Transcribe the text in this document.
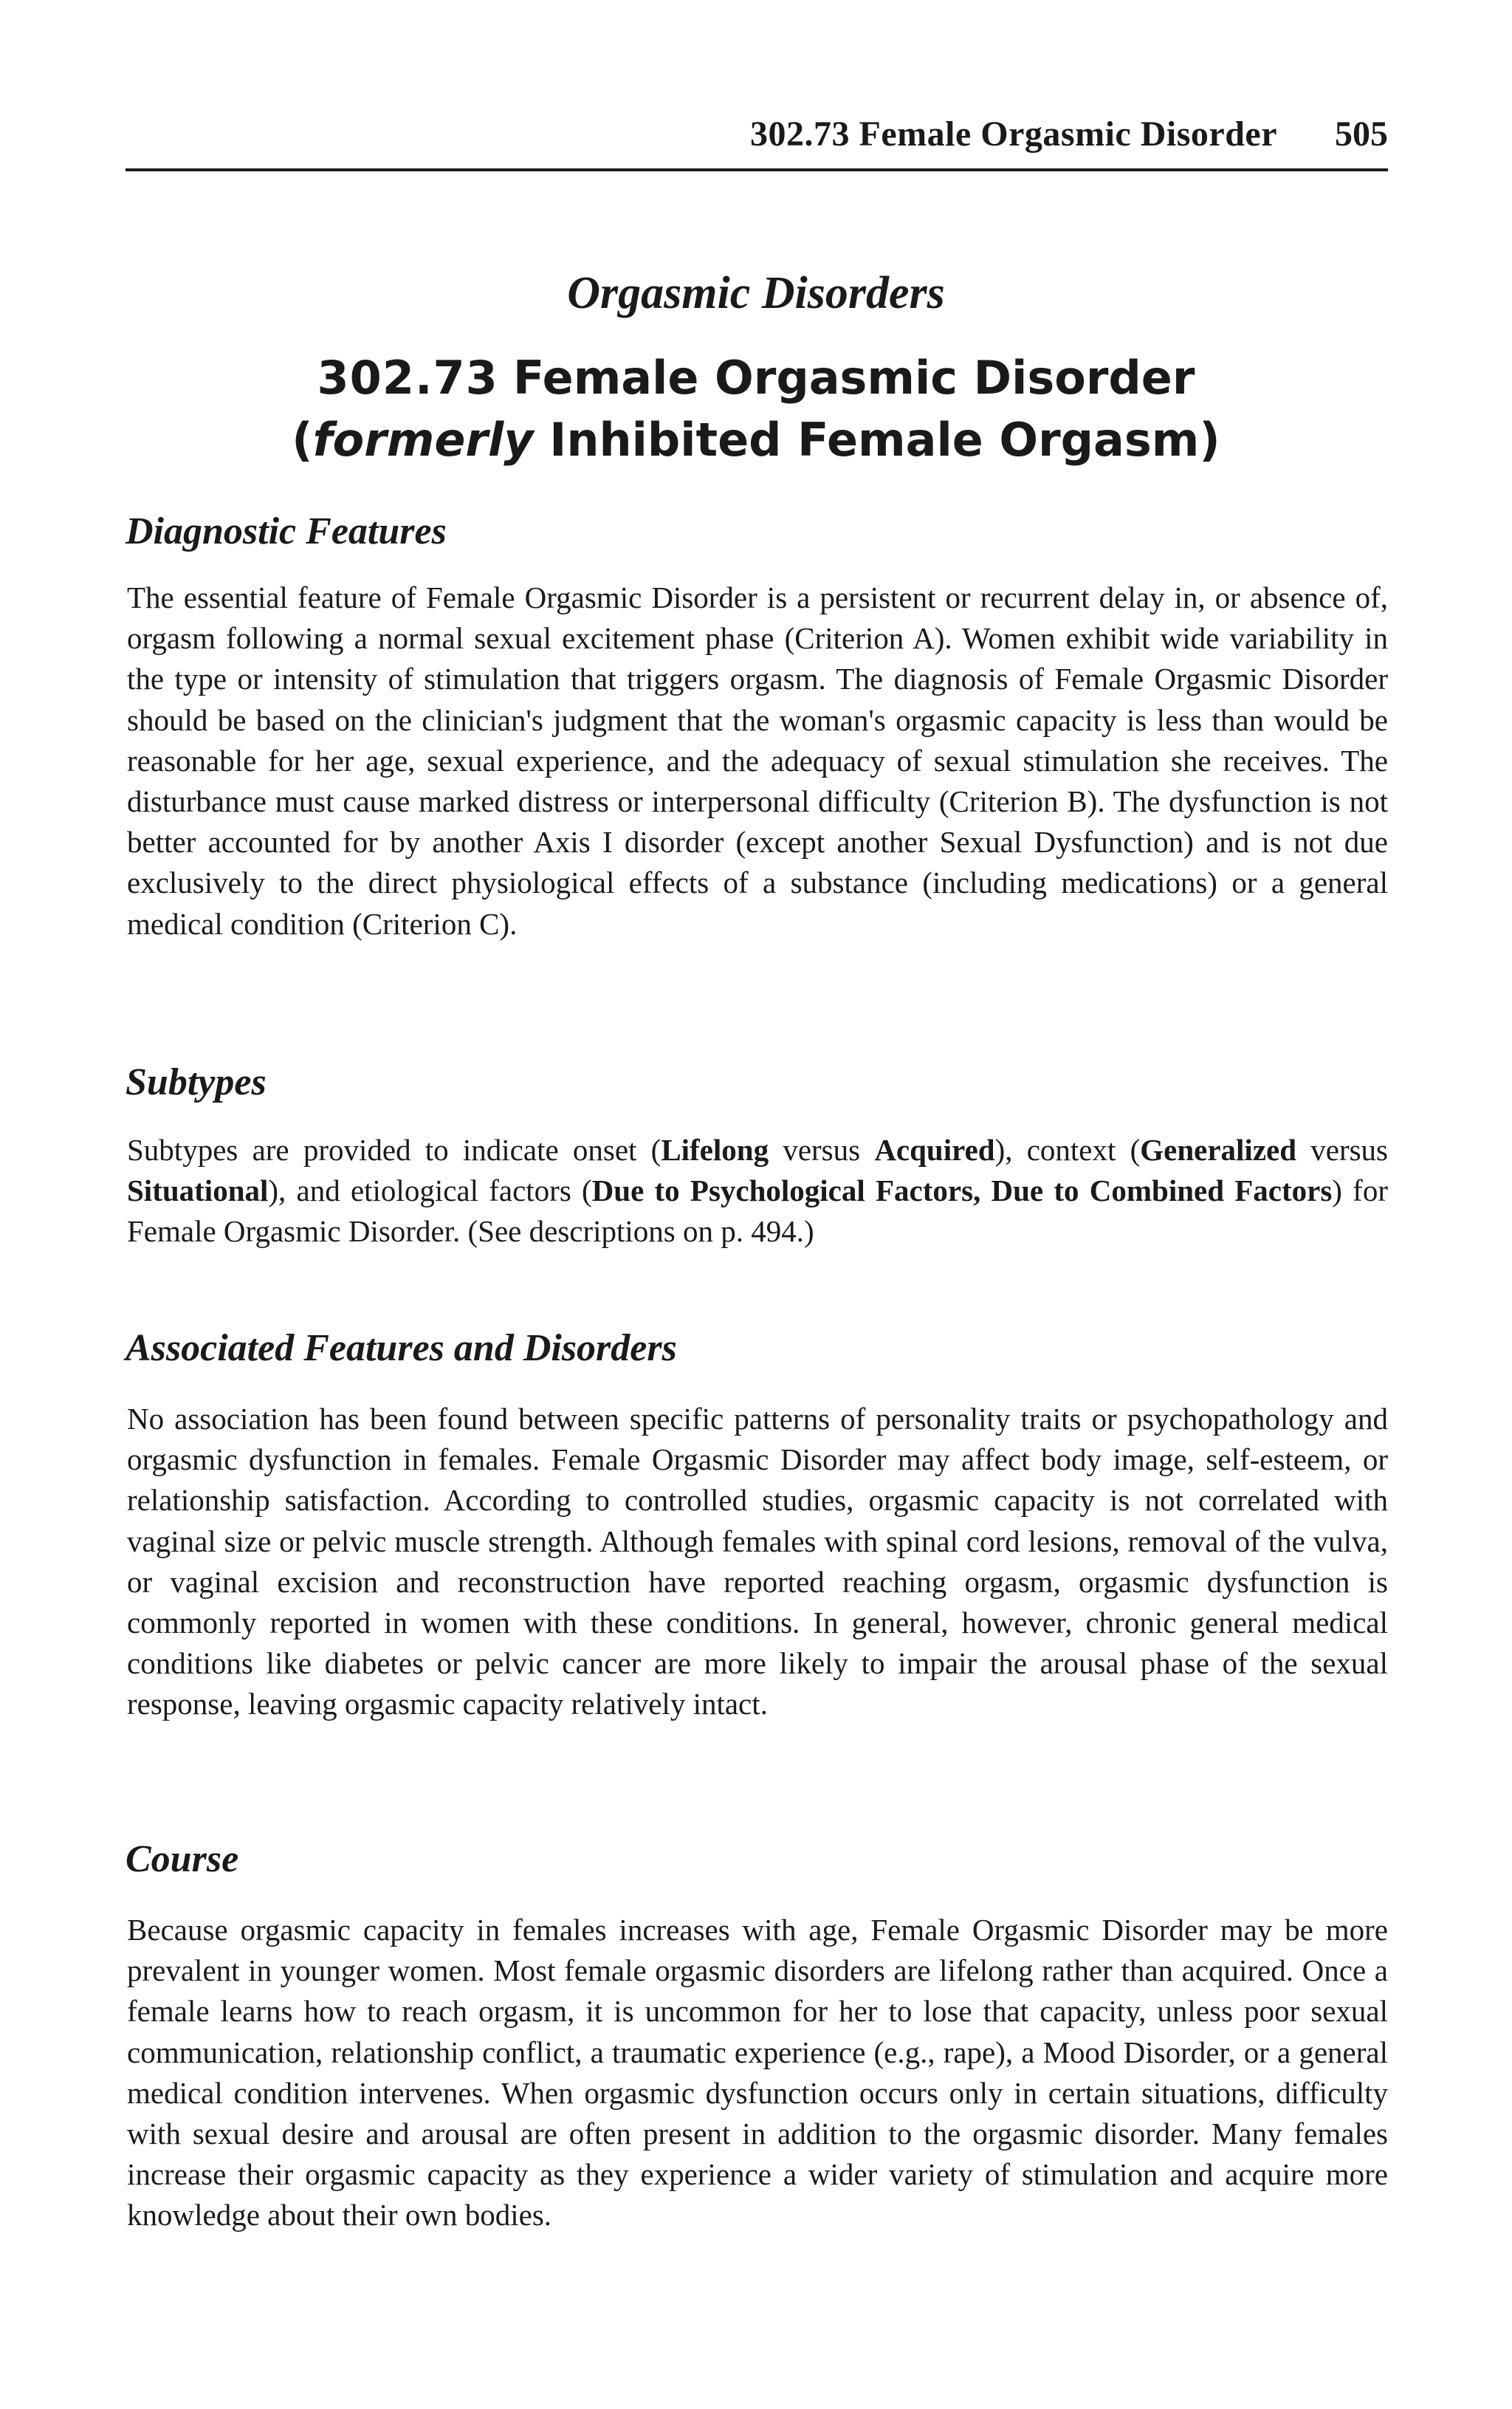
302.73 Female Orgasmic Disorder 505
Orgasmic Disorders
302.73 Female Orgasmic Disorder
(formerly Inhibited Female Orgasm)
Diagnostic Features

The essential feature of Female Orgasmic Disorder is a persistent or recurrent delay in, or absence of, orgasm following a normal sexual excitement phase (Criterion A). Women exhibit wide variability in the type or intensity of stimulation that triggers orgasm. The diagnosis of Female Orgasmic Disorder should be based on the clinician's judgment that the woman's orgasmic capacity is less than would be reasonable for her age, sexual experience, and the adequacy of sexual stimulation she receives. The disturbance must cause marked distress or interpersonal difficulty (Criterion B). The dysfunction is not better accounted for by another Axis I disorder (except another Sexual Dysfunction) and is not due exclusively to the direct physiological effects of a substance (including medications) or a general medical condition (Criterion C).

Subtypes

Subtypes are provided to indicate onset (Lifelong versus Acquired), context (Generalized versus Situational), and etiological factors (Due to Psychological Factors, Due to Combined Factors) for Female Orgasmic Disorder. (See descriptions on p. 494.)

Associated Features and Disorders

No association has been found between specific patterns of personality traits or psychopathology and orgasmic dysfunction in females. Female Orgasmic Disorder may affect body image, self-esteem, or relationship satisfaction. According to controlled studies, orgasmic capacity is not correlated with vaginal size or pelvic muscle strength. Although females with spinal cord lesions, removal of the vulva, or vaginal excision and reconstruction have reported reaching orgasm, orgasmic dysfunction is commonly reported in women with these conditions. In general, however, chronic general medical conditions like diabetes or pelvic cancer are more likely to impair the arousal phase of the sexual response, leaving orgasmic capacity relatively intact.

Course

Because orgasmic capacity in females increases with age, Female Orgasmic Disorder may be more prevalent in younger women. Most female orgasmic disorders are lifelong rather than acquired. Once a female learns how to reach orgasm, it is uncommon for her to lose that capacity, unless poor sexual communication, relationship conflict, a traumatic experience (e.g., rape), a Mood Disorder, or a general medical condition intervenes. When orgasmic dysfunction occurs only in certain situations, difficulty with sexual desire and arousal are often present in addition to the orgasmic disorder. Many females increase their orgasmic capacity as they experience a wider variety of stimulation and acquire more knowledge about their own bodies.
